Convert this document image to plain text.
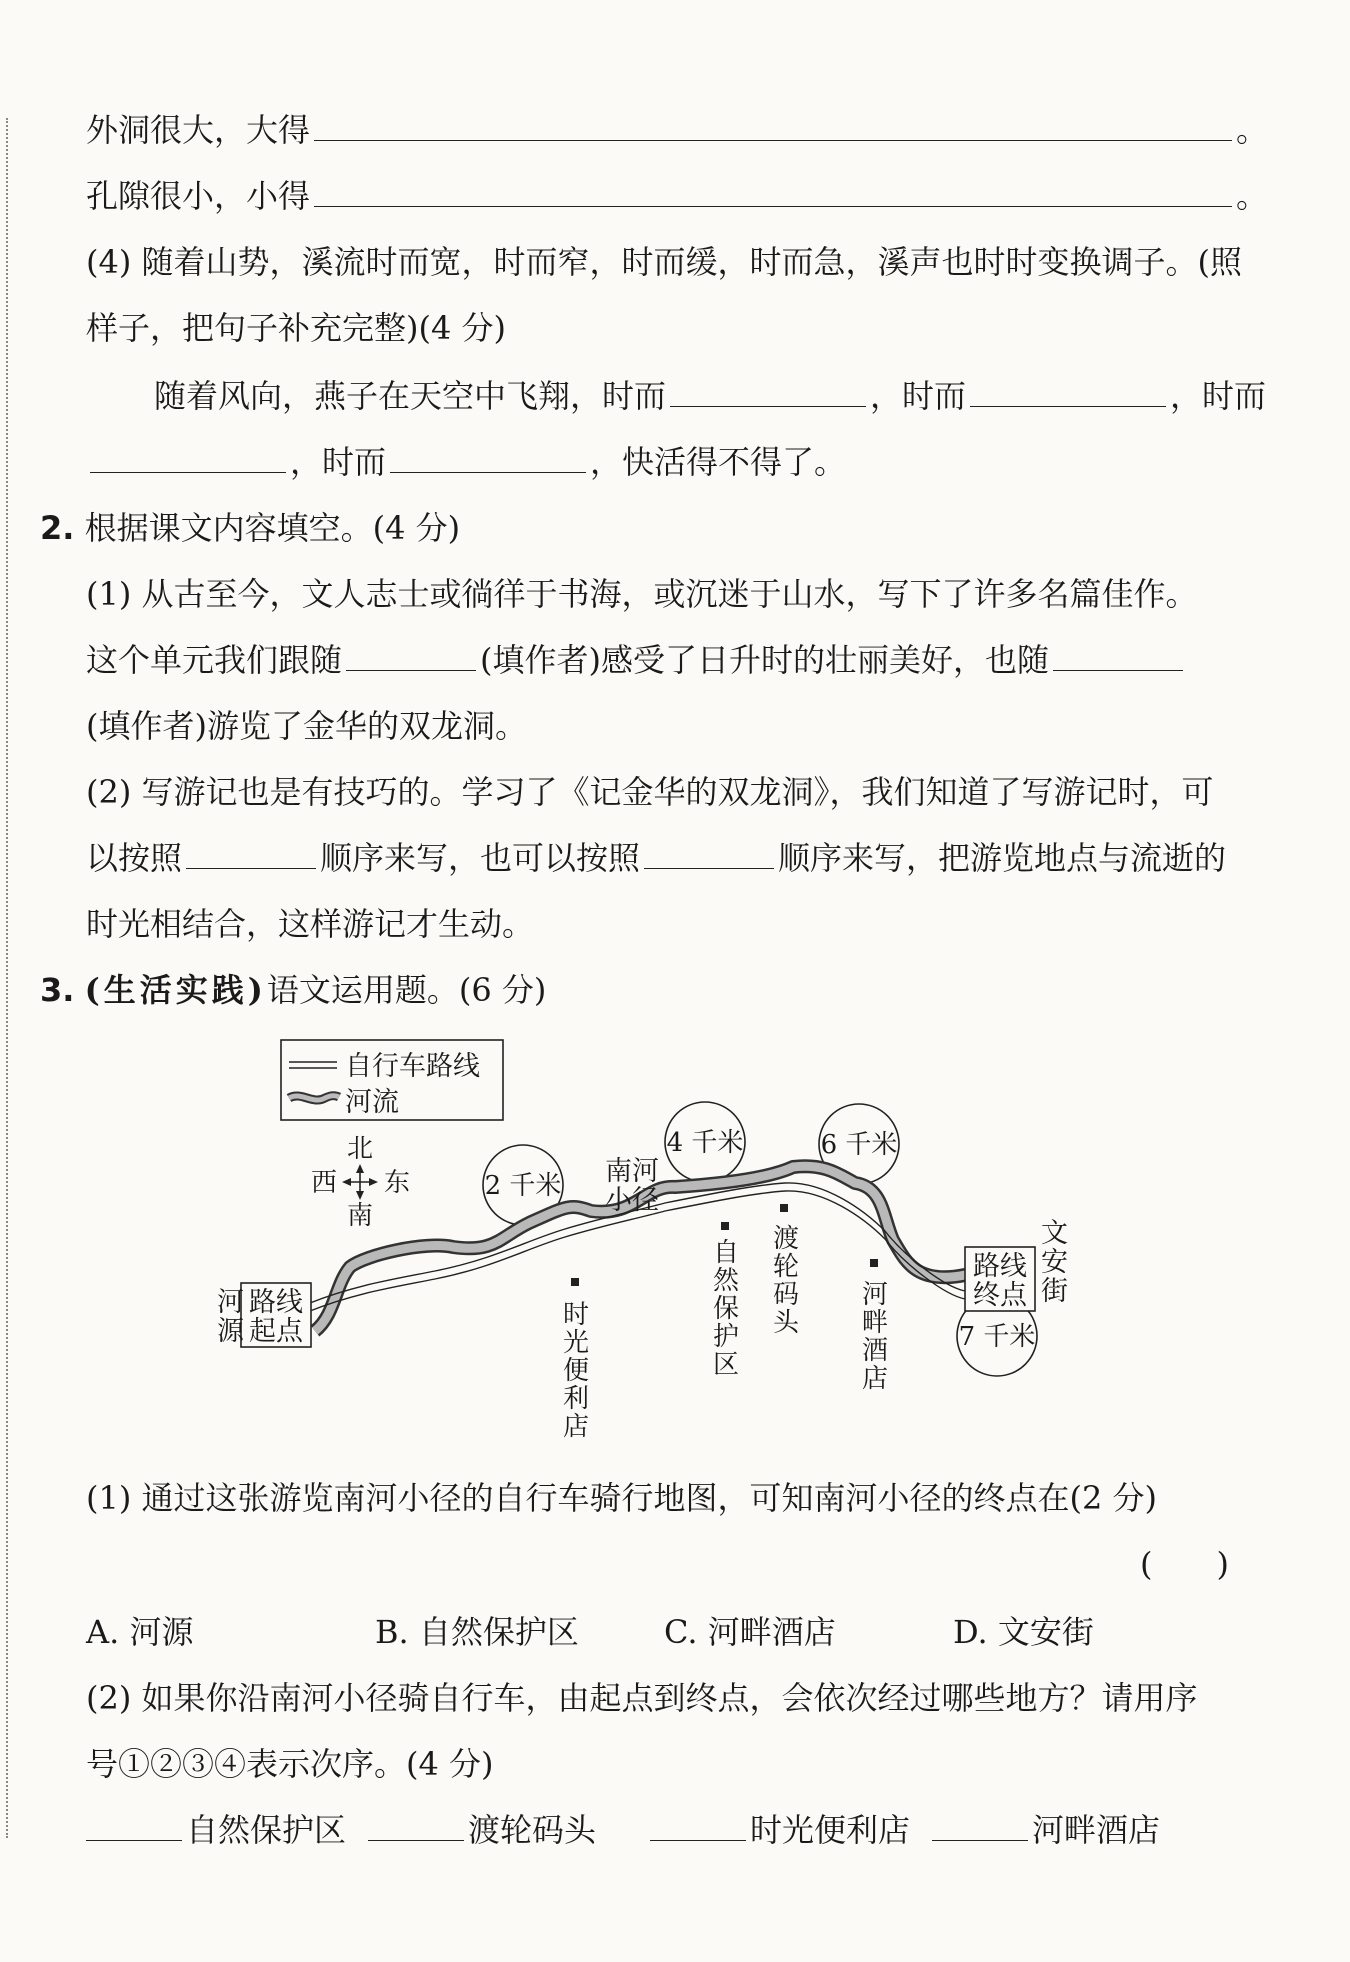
外洞很大，大得	。
孔隙很小，小得	。
(4) 随着山势，溪流时而宽，时而窄，时而缓，时而急，溪声也时时变换调子。(照
样子，把句子补充完整)(4 分)
随着风向，燕子在天空中飞翔，时而	，时而	，时而
，时而	，快活得不得了。
2. 根据课文内容填空。(4 分)
(1) 从古至今，文人志士或徜徉于书海，或沉迷于山水，写下了许多名篇佳作。
这个单元我们跟随	(填作者)感受了日升时的壮丽美好，也随
(填作者)游览了金华的双龙洞。
(2) 写游记也是有技巧的。学习了《记金华的双龙洞》，我们知道了写游记时，可
以按照	顺序来写，也可以按照	顺序来写，把游览地点与流逝的
时光相结合，这样游记才生动。
3. (生活实践)语文运用题。(6 分)
自行车路线
河流
北
南
西 东	2 千米
4 千米	6 千米
7 千米
路线
起点
河
源
路线
终点
文
安
街
南河
小径
时
光
便
利
店
自
然
保
护
区
渡
轮
码
头
河
畔
酒
店
(1) 通过这张游览南河小径的自行车骑行地图，可知南河小径的终点在(2 分)
(　　)
A. 河源	B. 自然保护区	C. 河畔酒店	D. 文安街
(2) 如果你沿南河小径骑自行车，由起点到终点，会依次经过哪些地方？请用序
号①②③④表示次序。(4 分)
自然保护区	渡轮码头	时光便利店	河畔酒店
